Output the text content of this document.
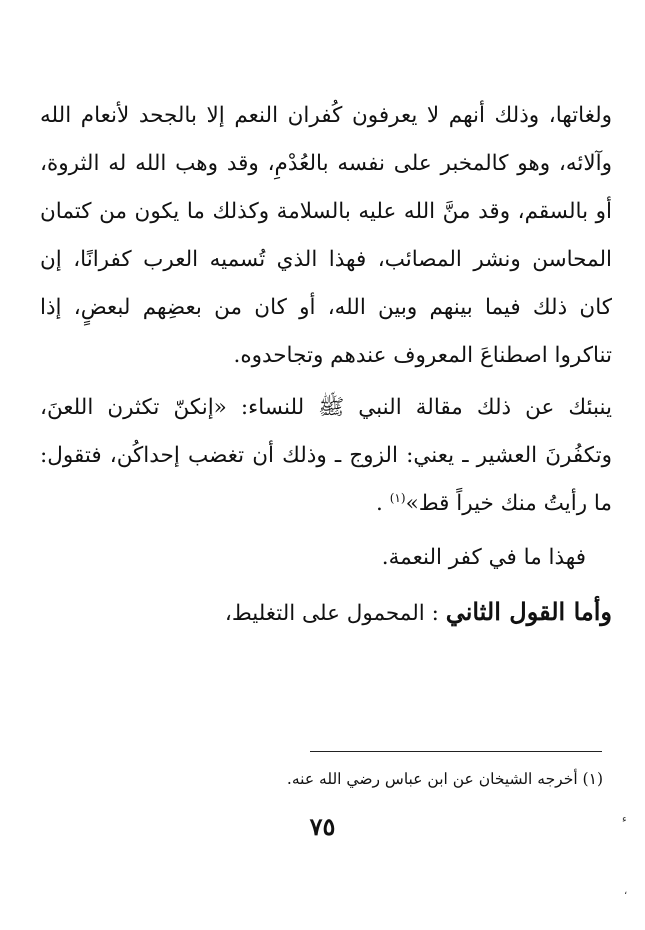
ولغاتها، وذلك أنهم لا يعرفون كُفران النعم إلا بالجحد لأنعام الله وآلائه، وهو كالمخبر على نفسه بالعُدْمِ، وقد وهب الله له الثروة، أو بالسقم، وقد منَّ الله عليه بالسلامة وكذلك ما يكون من كتمان المحاسن ونشر المصائب، فهذا الذي تُسميه العرب كفرانًا، إن كان ذلك فيما بينهم وبين الله، أو كان من بعضِهم لبعضٍ، إذا تناكروا اصطناعَ المعروف عندهم وتجاحدوه.

ينبئك عن ذلك مقالة النبي ﷺ للنساء: «إنكنّ تكثرن اللعنَ، وتكفُرنَ العشير ـ يعني: الزوج ـ وذلك أن تغضب إحداكُن، فتقول: ما رأيتُ منك خيراً قط»$^{(١)}$ .

فهذا ما في كفر النعمة.

وأما القول الثاني : المحمول على التغليط،

(١) أخرجه الشيخان عن ابن عباس رضي الله عنه.
٧٥	ء
،
